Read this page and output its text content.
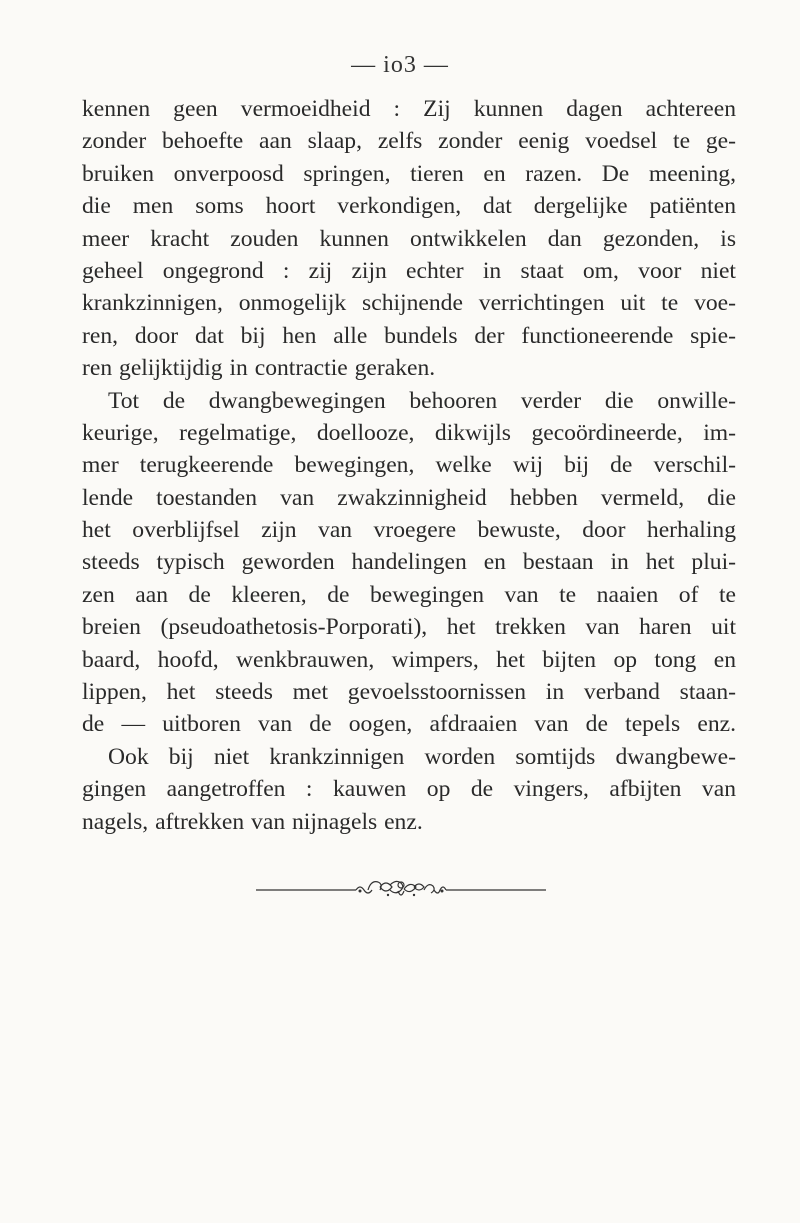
— io3 —
kennen geen vermoeidheid : Zij kunnen dagen achtereen
zonder behoefte aan slaap, zelfs zonder eenig voedsel te ge-
bruiken onverpoosd springen, tieren en razen. De meening,
die men soms hoort verkondigen, dat dergelijke patiënten
meer kracht zouden kunnen ontwikkelen dan gezonden, is
geheel ongegrond : zij zijn echter in staat om, voor niet
krankzinnigen, onmogelijk schijnende verrichtingen uit te voe-
ren, door dat bij hen alle bundels der functioneerende spie-
ren gelijktijdig in contractie geraken.
Tot de dwangbewegingen behooren verder die onwille-
keurige, regelmatige, doellooze, dikwijls gecoördineerde, im-
mer terugkeerende bewegingen, welke wij bij de verschil-
lende toestanden van zwakzinnigheid hebben vermeld, die
het overblijfsel zijn van vroegere bewuste, door herhaling
steeds typisch geworden handelingen en bestaan in het plui-
zen aan de kleeren, de bewegingen van te naaien of te
breien (pseudoathetosis-Porporati), het trekken van haren uit
baard, hoofd, wenkbrauwen, wimpers, het bijten op tong en
lippen, het steeds met gevoelsstoornissen in verband staan-
de — uitboren van de oogen, afdraaien van de tepels enz.
Ook bij niet krankzinnigen worden somtijds dwangbewe-
gingen aangetroffen : kauwen op de vingers, afbijten van
nagels, aftrekken van nijnagels enz.
